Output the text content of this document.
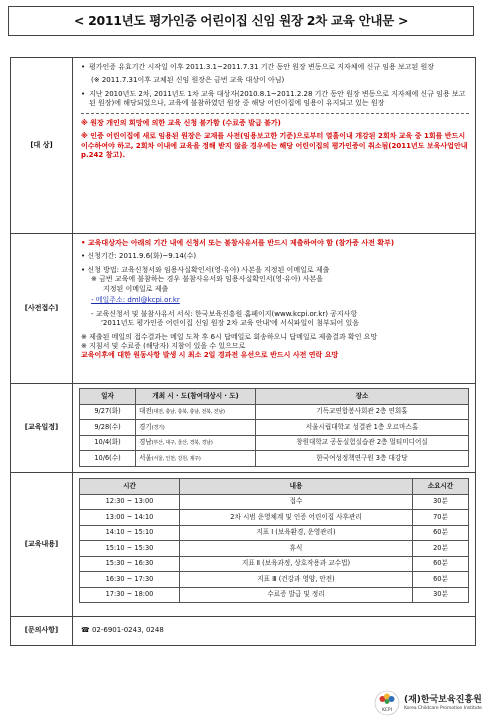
< 2011년도 평가인증 어린이집 신임 원장 2차 교육 안내문 >
[대 상]
• 평가인증 유효기간 시작일 이후 2011.3.1~2011.7.31 기간 동안 원장 변동으로 지자체에 신규 임용 보고된 원장
(※ 2011.7.31이후 교체된 신임 원장은 금번 교육 대상이 아님)
• 지난 2010년도 2차, 2011년도 1차 교육 대상자(2010.8.1~2011.2.28 기간 동안 원장 변동으로 지자체에 신규 임용 보고된 원장)에 해당되었으나, 교육에 불참하였던 원장 중 해당 어린이집에 임용이 유지되고 있는 원장
※ 원장 개인의 희망에 의한 교육 신청 불가함 (수료증 발급 불가)
※ 인증 어린이집에 새로 임용된 원장은 교재를 사전(임용보고한 기준)으로부터 열흘이내 개강된 2회차 교육 중 1회를 반드시 이수하여야 하고, 2회차 이내에 교육을 정해 받지 않을 경우에는 해당 어린이집의 평가인증이 취소됨(2011년도 보육사업안내 p.242 참고).
[사전접수]
• 교육대상자는 아래의 기간 내에 신청서 또는 불참사유서를 반드시 제출하여야 함 (참가증 사전 확부)
• 신청기간: 2011.9.6(화)~9.14(수)
• 신청 방법: 교육신청서와 임용사실확인서(영·유아) 사본을 지정된 이메일로 제출
※ 금번 교육에 불참하는 경우 불참사유서와 임용사실확인서(영·유아) 사본을
지정된 이메일로 제출
- 메일주소: dml@kcpi.or.kr
- 교육신청서 및 불참사유서 서식: 한국보육진흥원 홈페이지(www.kcpi.or.kr) 공지사항
'2011년도 평가인증 어린이집 신임 원장 2차 교육 안내'에 서식파일이 첨부되어 있음
※ 제출된 메일의 접수결과는 메일 도착 후 6시 답메일로 회송하오니 답메일로 제출결과 확인 요망
※ 지침서 및 수료증 (해당자) 지참이 있을 수 있으므로
교육이후에 대한 원동사항 발생 시 최소 2일 경과전 유선으로 반드시 사전 연락 요망
[교육일정]
일자	개최 시 · 도(참여대상시 · 도)	장소
9/27(화)	대전(대전, 충남, 충북, 충남, 전북, 전남)	기독교연합봉사회관 2층 연회홀
9/28(수)	경기(경기)	서울시립대학교 성결관 1층 오르마스홀
10/4(화)	경남(부산, 대구, 울산, 경북, 경남)	창원대학교 공동실험실습관 2층 멀티미디어실
10/6(수)	서울(서울, 인천, 강원, 제주)	한국여성정책연구원 3층 대강당
[교육내용]
시간	내용	소요시간
12:30 ~ 13:00	접수	30분
13:00 ~ 14:10	2차 시범 운영체계 및 인증 어린이집 사후관리	70분
14:10 ~ 15:10	지표 Ⅰ (보육환경, 운영관리)	60분
15:10 ~ 15:30	휴식	20분
15:30 ~ 16:30	지표 Ⅱ (보육과정, 상호작용과 교수법)	60분
16:30 ~ 17:30	지표 Ⅲ (건강과 영양, 안전)	60분
17:30 ~ 18:00	수료증 발급 및 정리	30분
[문의사항]	☎ 02-6901-0243, 0248
KCPI
(재)한국보육진흥원
Korea Childcare Promotion Institute
